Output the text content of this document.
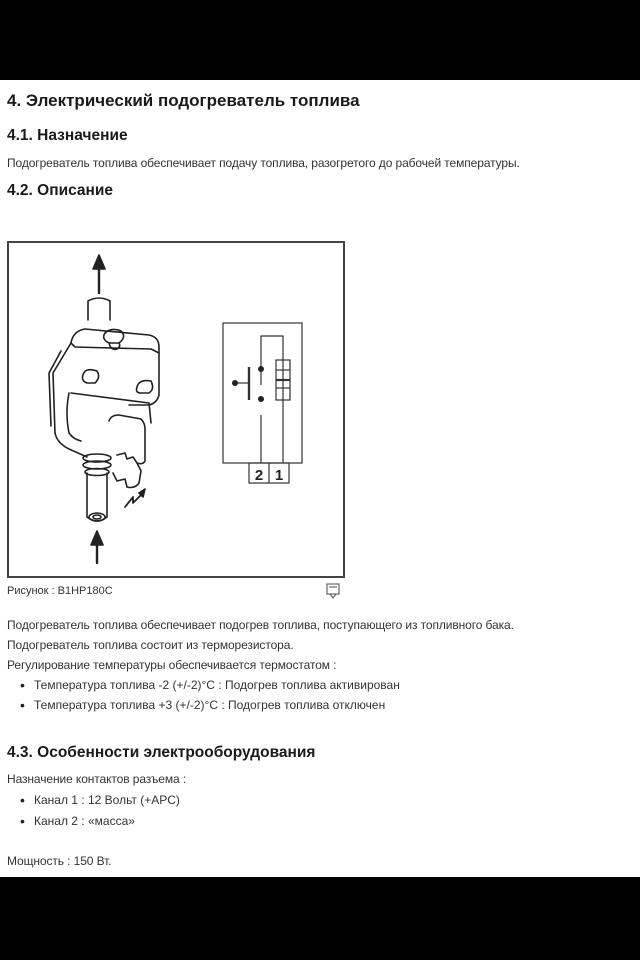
4. Электрический подогреватель топлива
4.1. Назначение
Подогреватель топлива обеспечивает подачу топлива, разогретого до рабочей температуры.
4.2. Описание
2 1
Рисунок : B1HP180C
Подогреватель топлива обеспечивает подогрев топлива, поступающего из топливного бака.
Подогреватель топлива состоит из терморезистора.
Регулирование температуры обеспечивается термостатом :
• Температура топлива -2 (+/-2)°C : Подогрев топлива активирован
• Температура топлива +3 (+/-2)°C : Подогрев топлива отключен
4.3. Особенности электрооборудования
Назначение контактов разъема :
• Канал 1 : 12 Вольт (+APC)
• Канал 2 : «масса»
Мощность : 150 Вт.
